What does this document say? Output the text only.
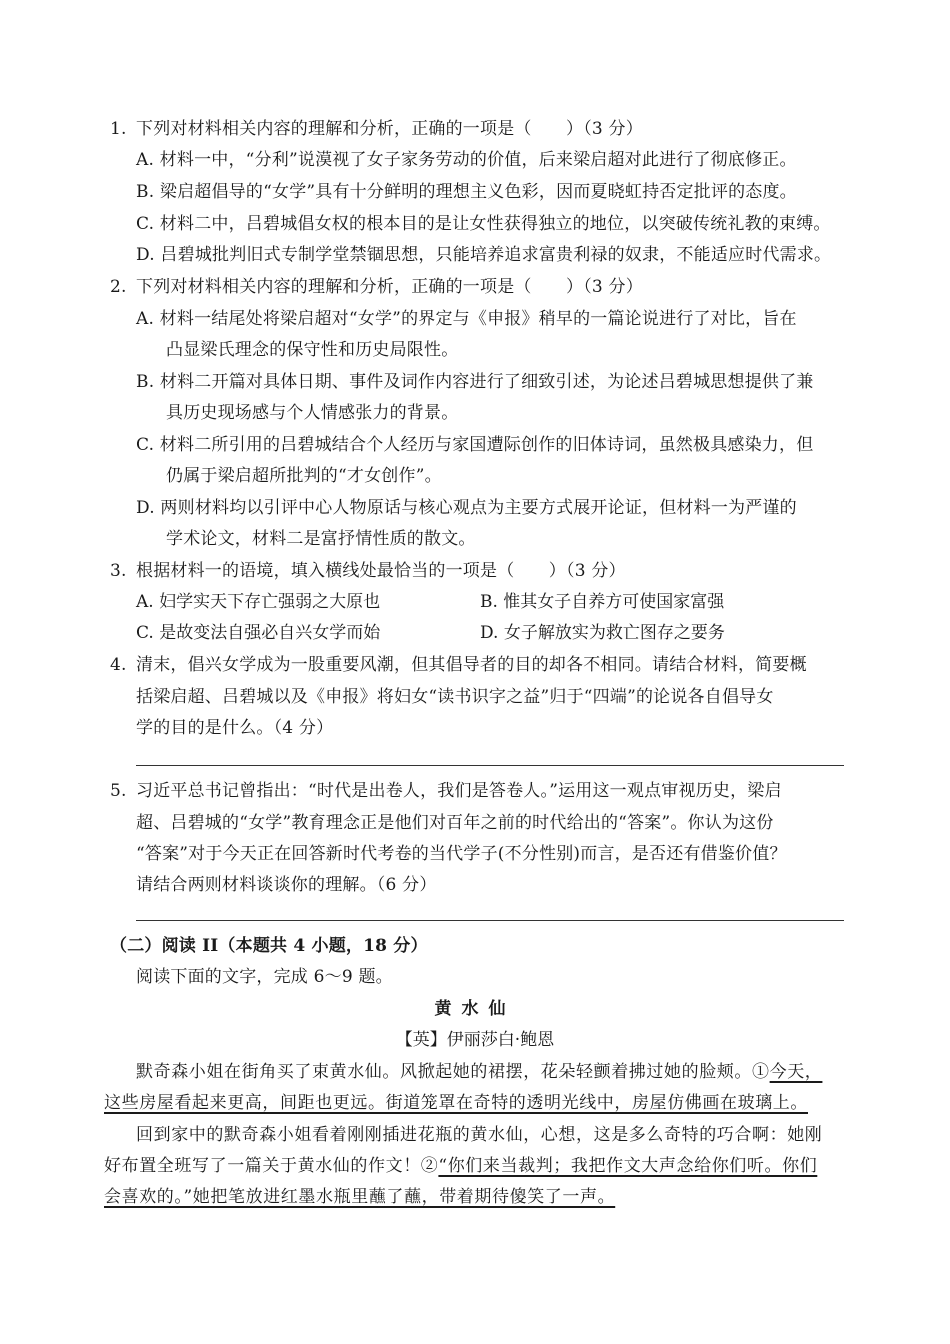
1. 下列对材料相关内容的理解和分析，正确的一项是（　　）（3 分）
A. 材料一中，“分利”说漠视了女子家务劳动的价值，后来梁启超对此进行了彻底修正。
B. 梁启超倡导的“女学”具有十分鲜明的理想主义色彩，因而夏晓虹持否定批评的态度。
C. 材料二中，吕碧城倡女权的根本目的是让女性获得独立的地位，以突破传统礼教的束缚。
D. 吕碧城批判旧式专制学堂禁锢思想，只能培养追求富贵利禄的奴隶，不能适应时代需求。
2. 下列对材料相关内容的理解和分析，正确的一项是（　　）（3 分）
A. 材料一结尾处将梁启超对“女学”的界定与《申报》稍早的一篇论说进行了对比，旨在
凸显梁氏理念的保守性和历史局限性。
B. 材料二开篇对具体日期、事件及词作内容进行了细致引述，为论述吕碧城思想提供了兼
具历史现场感与个人情感张力的背景。
C. 材料二所引用的吕碧城结合个人经历与家国遭际创作的旧体诗词，虽然极具感染力，但
仍属于梁启超所批判的“才女创作”。
D. 两则材料均以引评中心人物原话与核心观点为主要方式展开论证，但材料一为严谨的
学术论文，材料二是富抒情性质的散文。
3. 根据材料一的语境，填入横线处最恰当的一项是（　　）（3 分）
A. 妇学实天下存亡强弱之大原也	B. 惟其女子自养方可使国家富强
C. 是故变法自强必自兴女学而始	D. 女子解放实为救亡图存之要务
4. 清末，倡兴女学成为一股重要风潮，但其倡导者的目的却各不相同。请结合材料，简要概
括梁启超、吕碧城以及《申报》将妇女“读书识字之益”归于“四端”的论说各自倡导女
学的目的是什么。（4 分）
5. 习近平总书记曾指出：“时代是出卷人，我们是答卷人。”运用这一观点审视历史，梁启
超、吕碧城的“女学”教育理念正是他们对百年之前的时代给出的“答案”。你认为这份
“答案”对于今天正在回答新时代考卷的当代学子(不分性别)而言，是否还有借鉴价值？
请结合两则材料谈谈你的理解。（6 分）
（二）阅读 II（本题共 4 小题，18 分）
阅读下面的文字，完成 6～9 题。
黄水仙
【英】伊丽莎白·鲍恩
默奇森小姐在街角买了束黄水仙。风掀起她的裙摆，花朵轻颤着拂过她的脸颊。①今天，
这些房屋看起来更高，间距也更远。街道笼罩在奇特的透明光线中，房屋仿佛画在玻璃上。
回到家中的默奇森小姐看着刚刚插进花瓶的黄水仙，心想，这是多么奇特的巧合啊：她刚
好布置全班写了一篇关于黄水仙的作文！②“你们来当裁判；我把作文大声念给你们听。你们
会喜欢的。”她把笔放进红墨水瓶里蘸了蘸，带着期待傻笑了一声。
